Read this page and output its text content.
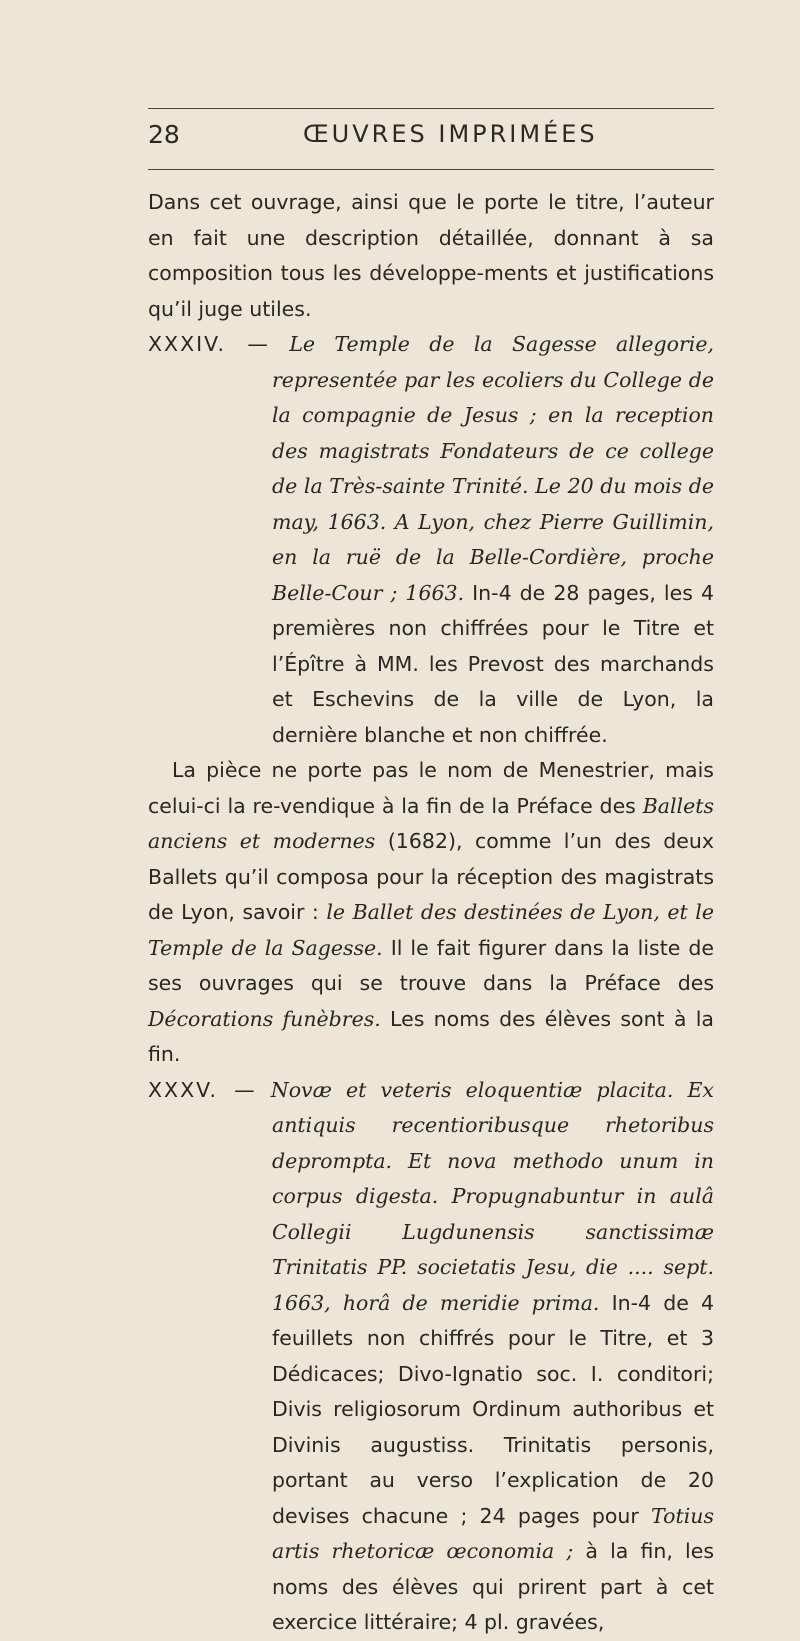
28	ŒUVRES IMPRIMÉES

Dans cet ouvrage, ainsi que le porte le titre, l’auteur en fait une description détaillée, donnant à sa composition tous les développe-ments et justifications qu’il juge utiles.

XXXIV. — Le Temple de la Sagesse allegorie, representée par les ecoliers du College de la compagnie de Jesus ; en la reception des magistrats Fondateurs de ce college de la Très-sainte Trinité. Le 20 du mois de may, 1663. A Lyon, chez Pierre Guillimin, en la ruë de la Belle-Cordière, proche Belle-Cour ; 1663. In-4 de 28 pages, les 4 premières non chiffrées pour le Titre et l’Épître à MM. les Prevost des marchands et Eschevins de la ville de Lyon, la dernière blanche et non chiffrée.

La pièce ne porte pas le nom de Menestrier, mais celui-ci la re-vendique à la fin de la Préface des Ballets anciens et modernes (1682), comme l’un des deux Ballets qu’il composa pour la réception des magistrats de Lyon, savoir : le Ballet des destinées de Lyon, et le Temple de la Sagesse. Il le fait figurer dans la liste de ses ouvrages qui se trouve dans la Préface des Décorations funèbres. Les noms des élèves sont à la fin.

XXXV. — Novæ et veteris eloquentiæ placita. Ex antiquis recentioribusque rhetoribus deprompta. Et nova methodo unum in corpus digesta. Propugnabuntur in aulâ Collegii Lugdunensis sanctissimæ Trinitatis PP. societatis Jesu, die .... sept. 1663, horâ de meridie prima. In-4 de 4 feuillets non chiffrés pour le Titre, et 3 Dédicaces; Divo-Ignatio soc. I. conditori; Divis religiosorum Ordinum authoribus et Divinis augustiss. Trinitatis personis, portant au verso l’explication de 20 devises chacune ; 24 pages pour Totius artis rhetoricæ œconomia ; à la fin, les noms des élèves qui prirent part à cet exercice littéraire; 4 pl. gravées,
